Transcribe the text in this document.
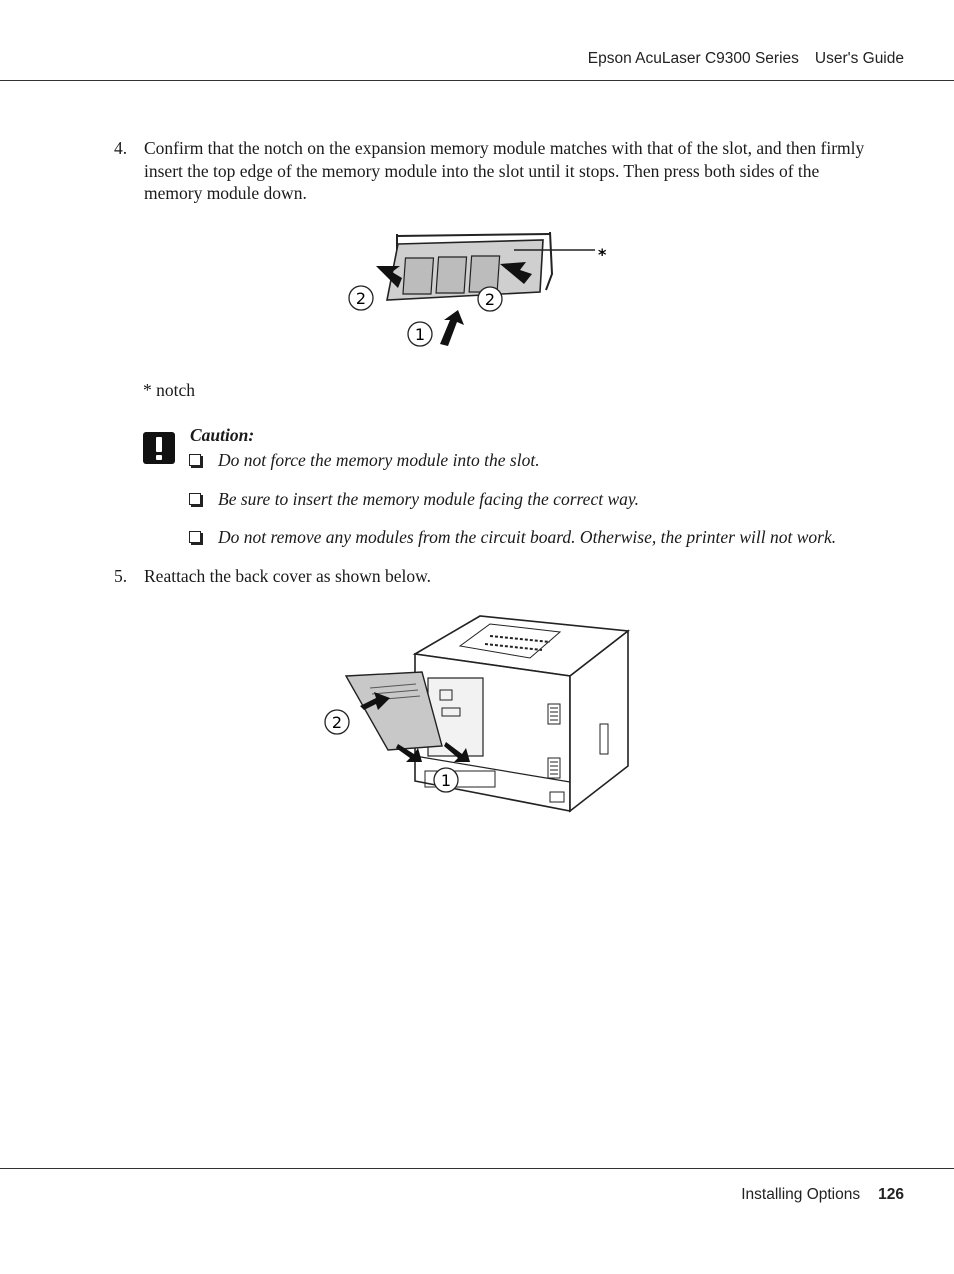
Epson AcuLaser C9300 Series User's Guide
4. Confirm that the notch on the expansion memory module matches with that of the slot, and then firmly insert the top edge of the memory module into the slot until it stops. Then press both sides of the memory module down.
*
2	2
1
* notch
Caution:
Do not force the memory module into the slot.
Be sure to insert the memory module facing the correct way.
Do not remove any modules from the circuit board. Otherwise, the printer will not work.
5. Reattach the back cover as shown below.
2
1
Installing Options 126
